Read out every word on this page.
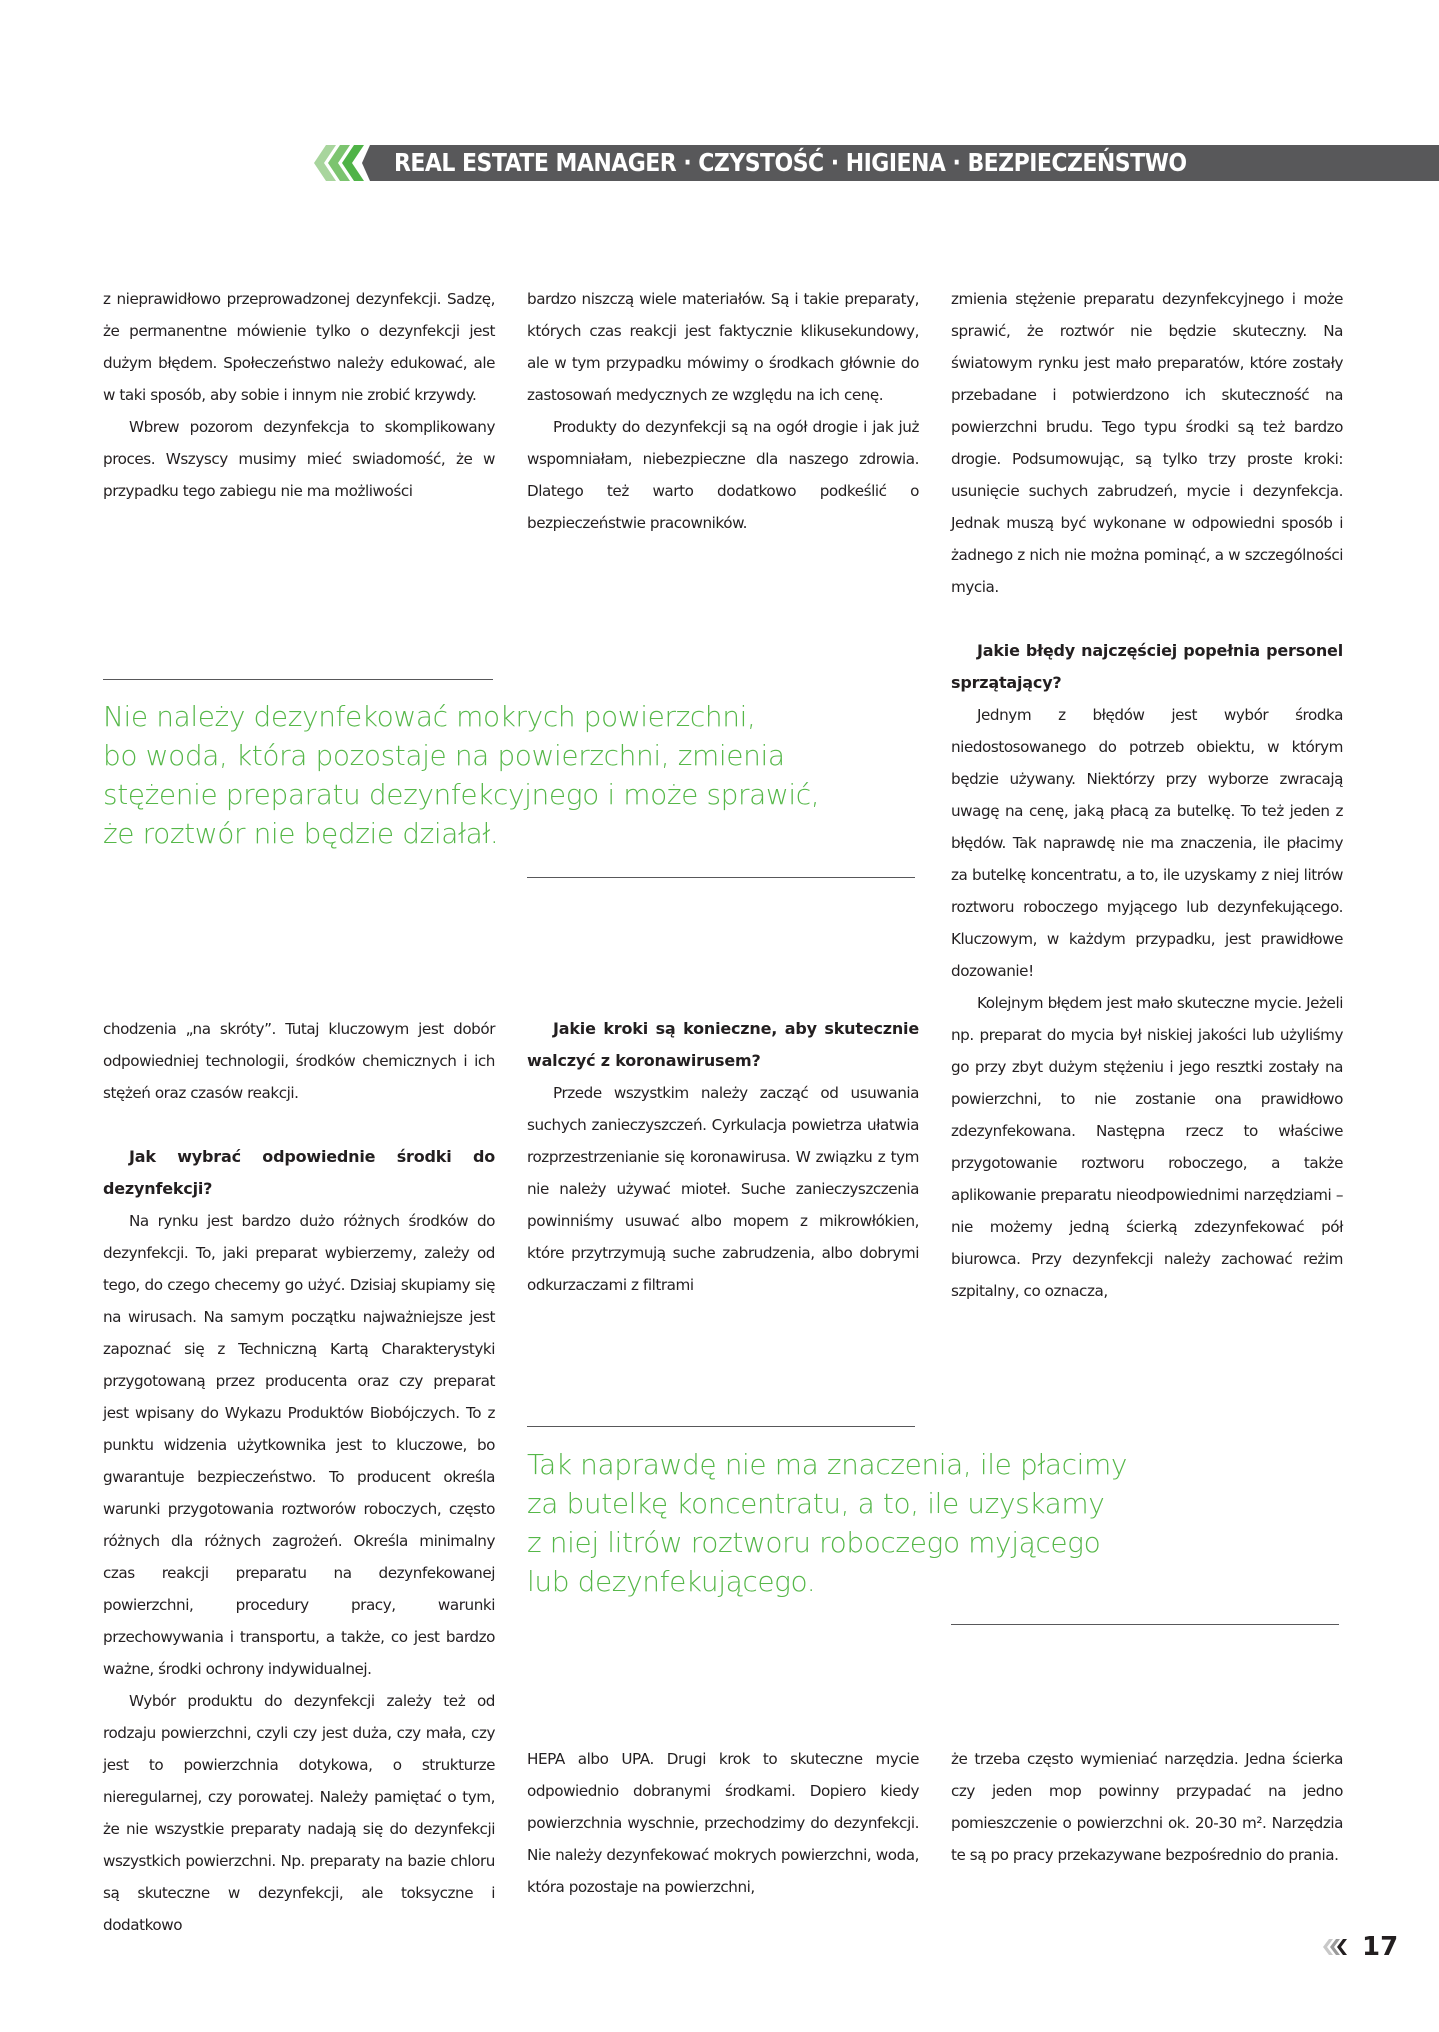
REAL ESTATE MANAGER · CZYSTOŚĆ · HIGIENA · BEZPIECZEŃSTWO

z nieprawidłowo przeprowadzonej dezynfekcji. Sadzę, że permanentne mówienie tylko o dezynfekcji jest dużym błędem. Społeczeństwo należy edukować, ale w taki sposób, aby sobie i innym nie zrobić krzywdy.

Wbrew pozorom dezynfekcja to skomplikowany proces. Wszyscy musimy mieć swiadomość, że w przypadku tego zabiegu nie ma możliwości

bardzo niszczą wiele materiałów. Są i takie preparaty, których czas reakcji jest faktycznie klikusekundowy, ale w tym przypadku mówimy o środkach głównie do zastosowań medycznych ze względu na ich cenę.

Produkty do dezynfekcji są na ogół drogie i jak już wspomniałam, niebezpieczne dla naszego zdrowia. Dlatego też warto dodatkowo podkeślić o bezpieczeństwie pracowników.

zmienia stężenie preparatu dezynfekcyjnego i może sprawić, że roztwór nie będzie skuteczny. Na światowym rynku jest mało preparatów, które zostały przebadane i potwierdzono ich skuteczność na powierzchni brudu. Tego typu środki są też bardzo drogie. Podsumowując, są tylko trzy proste kroki: usunięcie suchych zabrudzeń, mycie i dezynfekcja. Jednak muszą być wykonane w odpowiedni sposób i żadnego z nich nie można pominąć, a w szczególności mycia.

Jakie błędy najczęściej popełnia personel sprzątający?

Jednym z błędów jest wybór środka niedostosowanego do potrzeb obiektu, w którym będzie używany. Niektórzy przy wyborze zwracają uwagę na cenę, jaką płacą za butelkę. To też jeden z błędów. Tak naprawdę nie ma znaczenia, ile płacimy za butelkę koncentratu, a to, ile uzyskamy z niej litrów roztworu roboczego myjącego lub dezynfekującego. Kluczowym, w każdym przypadku, jest prawidłowe dozowanie!

Kolejnym błędem jest mało skuteczne mycie. Jeżeli np. preparat do mycia był niskiej jakości lub użyliśmy go przy zbyt dużym stężeniu i jego resztki zostały na powierzchni, to nie zostanie ona prawidłowo zdezynfekowana. Następna rzecz to właściwe przygotowanie roztworu roboczego, a także aplikowanie preparatu nieodpowiednimi narzędziami – nie możemy jedną ścierką zdezynfekować pół biurowca. Przy dezynfekcji należy zachować reżim szpitalny, co oznacza,

Nie należy dezynfekować mokrych powierzchni,
bo woda, która pozostaje na powierzchni, zmienia
stężenie preparatu dezynfekcyjnego i może sprawić,
że roztwór nie będzie działał.

chodzenia „na skróty”. Tutaj kluczowym jest dobór odpowiedniej technologii, środków chemicznych i ich stężeń oraz czasów reakcji.

Jak wybrać odpowiednie środki do dezynfekcji?

Na rynku jest bardzo dużo różnych środków do dezynfekcji. To, jaki preparat wybierzemy, zależy od tego, do czego checemy go użyć. Dzisiaj skupiamy się na wirusach. Na samym początku najważniejsze jest zapoznać się z Techniczną Kartą Charakterystyki przygotowaną przez producenta oraz czy preparat jest wpisany do Wykazu Produktów Biobójczych. To z punktu widzenia użytkownika jest to kluczowe, bo gwarantuje bezpieczeństwo. To producent określa warunki przygotowania roztworów roboczych, często różnych dla różnych zagrożeń. Określa minimalny czas reakcji preparatu na dezynfekowanej powierzchni, procedury pracy, warunki przechowywania i transportu, a także, co jest bardzo ważne, środki ochrony indywidualnej.

Wybór produktu do dezynfekcji zależy też od rodzaju powierzchni, czyli czy jest duża, czy mała, czy jest to powierzchnia dotykowa, o strukturze nieregularnej, czy porowatej. Należy pamiętać o tym, że nie wszystkie preparaty nadają się do dezynfekcji wszystkich powierzchni. Np. preparaty na bazie chloru są skuteczne w dezynfekcji, ale toksyczne i dodatkowo

Jakie kroki są konieczne, aby skutecznie walczyć z koronawirusem?

Przede wszystkim należy zacząć od usuwania suchych zanieczyszczeń. Cyrkulacja powietrza ułatwia rozprzestrzenianie się koronawirusa. W związku z tym nie należy używać mioteł. Suche zanieczyszczenia powinniśmy usuwać albo mopem z mikrowłókien, które przytrzymują suche zabrudzenia, albo dobrymi odkurzaczami z filtrami

Tak naprawdę nie ma znaczenia, ile płacimy
za butelkę koncentratu, a to, ile uzyskamy
z niej litrów roztworu roboczego myjącego
lub dezynfekującego.

HEPA albo UPA. Drugi krok to skuteczne mycie odpowiednio dobranymi środkami. Dopiero kiedy powierzchnia wyschnie, przechodzimy do dezynfekcji. Nie należy dezynfekować mokrych powierzchni, woda, która pozostaje na powierzchni,

że trzeba często wymieniać narzędzia. Jedna ścierka czy jeden mop powinny przypadać na jedno pomieszczenie o powierzchni ok. 20-30 m². Narzędzia te są po pracy przekazywane bezpośrednio do prania.

17
